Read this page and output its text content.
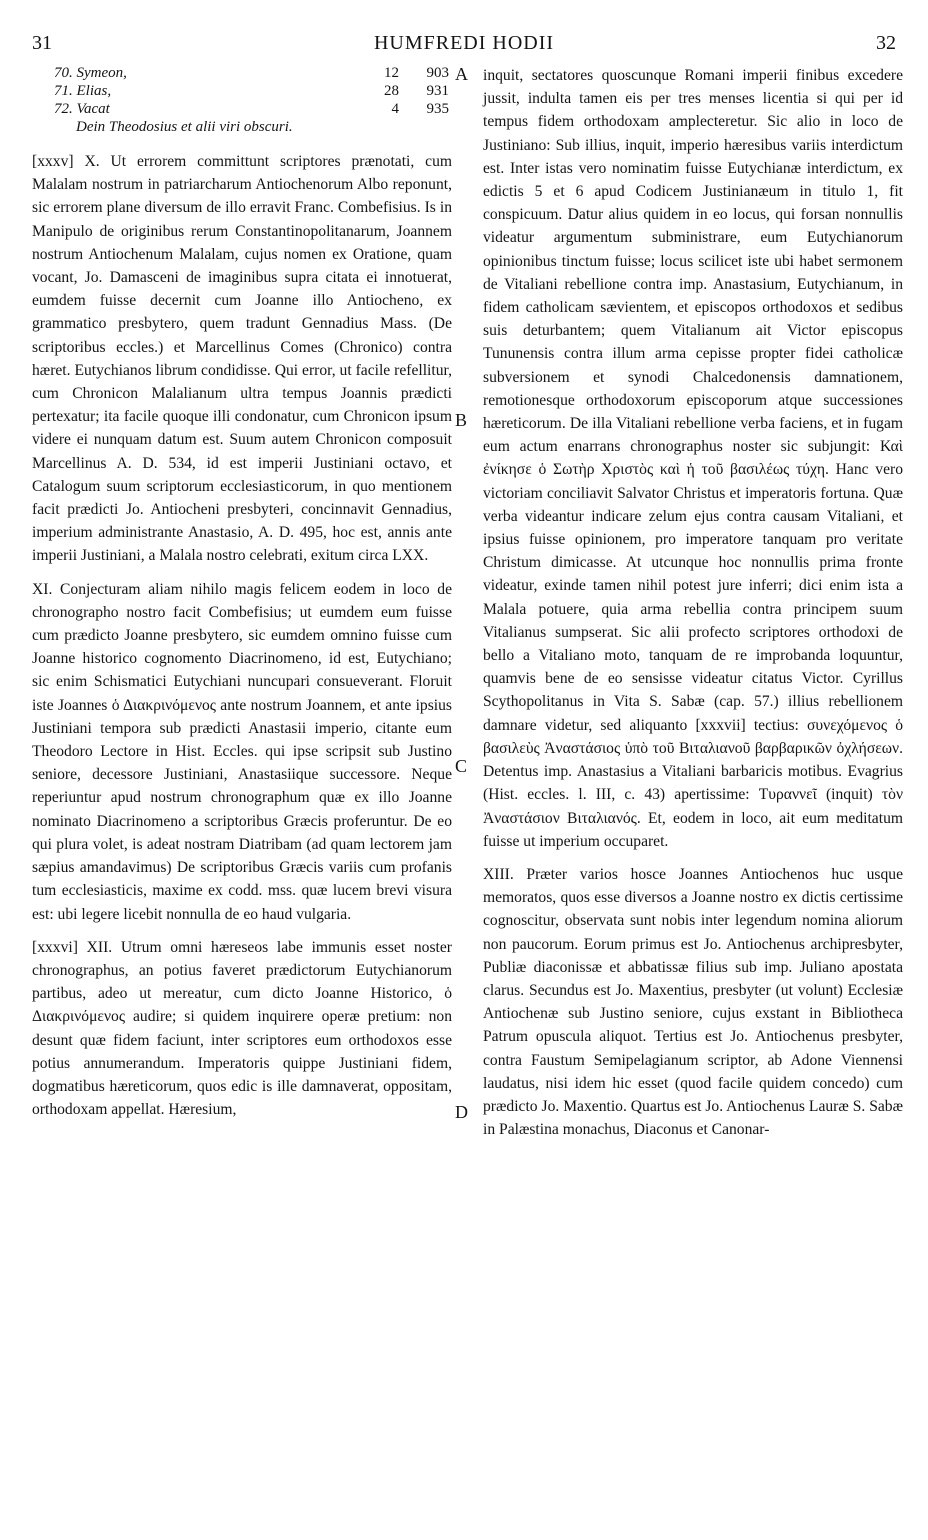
31	HUMFREDI HODII	32
70. Symeon,	12	903
71. Elias,	28	931
72. Vacat	4	935
Dein Theodosius et alii viri obscuri.

[xxxv] X. Ut errorem committunt scriptores prænotati, cum Malalam nostrum in patriarcharum Antiochenorum Albo reponunt, sic errorem plane diversum de illo erravit Franc. Combefisius. Is in Manipulo de originibus rerum Constantinopolitanarum, Joannem nostrum Antiochenum Malalam, cujus nomen ex Oratione, quam vocant, Jo. Damasceni de imaginibus supra citata ei innotuerat, eumdem fuisse decernit cum Joanne illo Antiocheno, ex grammatico presbytero, quem tradunt Gennadius Mass. (De scriptoribus eccles.) et Marcellinus Comes (Chronico) contra hæret. Eutychianos librum condidisse. Qui error, ut facile refellitur, cum Chronicon Malalianum ultra tempus Joannis prædicti pertexatur; ita facile quoque illi condonatur, cum Chronicon ipsum videre ei nunquam datum est. Suum autem Chronicon composuit Marcellinus A. D. 534, id est imperii Justiniani octavo, et Catalogum suum scriptorum ecclesiasticorum, in quo mentionem facit prædicti Jo. Antiocheni presbyteri, concinnavit Gennadius, imperium administrante Anastasio, A. D. 495, hoc est, annis ante imperii Justiniani, a Malala nostro celebrati, exitum circa LXX.

XI. Conjecturam aliam nihilo magis felicem eodem in loco de chronographo nostro facit Combefisius; ut eumdem eum fuisse cum prædicto Joanne presbytero, sic eumdem omnino fuisse cum Joanne historico cognomento Diacrinomeno, id est, Eutychiano; sic enim Schismatici Eutychiani nuncupari consueverant. Floruit iste Joannes ὁ Διακρινόμενος ante nostrum Joannem, et ante ipsius Justiniani tempora sub prædicti Anastasii imperio, citante eum Theodoro Lectore in Hist. Eccles. qui ipse scripsit sub Justino seniore, decessore Justiniani, Anastasiique successore. Neque reperiuntur apud nostrum chronographum quæ ex illo Joanne nominato Diacrinomeno a scriptoribus Græcis proferuntur. De eo qui plura volet, is adeat nostram Diatribam (ad quam lectorem jam sæpius amandavimus) De scriptoribus Græcis variis cum profanis tum ecclesiasticis, maxime ex codd. mss. quæ lucem brevi visura est: ubi legere licebit nonnulla de eo haud vulgaria.

[xxxvi] XII. Utrum omni hæreseos labe immunis esset noster chronographus, an potius faveret prædictorum Eutychianorum partibus, adeo ut mereatur, cum dicto Joanne Historico, ὁ Διακρινόμενος audire; si quidem inquirere operæ pretium: non desunt quæ fidem faciunt, inter scriptores eum orthodoxos esse potius annumerandum. Imperatoris quippe Justiniani fidem, dogmatibus hæreticorum, quos edic is ille damnaverat, oppositam, orthodoxam appellat. Hæresium,

inquit, sectatores quoscunque Romani imperii finibus excedere jussit, indulta tamen eis per tres menses licentia si qui per id tempus fidem orthodoxam amplecteretur. Sic alio in loco de Justiniano: Sub illius, inquit, imperio hæresibus variis interdictum est. Inter istas vero nominatim fuisse Eutychianæ interdictum, ex edictis 5 et 6 apud Codicem Justinianæum in titulo 1, fit conspicuum. Datur alius quidem in eo locus, qui forsan nonnullis videatur argumentum subministrare, eum Eutychianorum opinionibus tinctum fuisse; locus scilicet iste ubi habet sermonem de Vitaliani rebellione contra imp. Anastasium, Eutychianum, in fidem catholicam sævientem, et episcopos orthodoxos et sedibus suis deturbantem; quem Vitalianum ait Victor episcopus Tununensis contra illum arma cepisse propter fidei catholicæ subversionem et synodi Chalcedonensis damnationem, remotionesque orthodoxorum episcoporum atque successiones hæreticorum. De illa Vitaliani rebellione verba faciens, et in fugam eum actum enarrans chronographus noster sic subjungit: Καὶ ἐνίκησε ὁ Σωτὴρ Χριστὸς καὶ ἡ τοῦ βασιλέως τύχη. Hanc vero victoriam conciliavit Salvator Christus et imperatoris fortuna. Quæ verba videantur indicare zelum ejus contra causam Vitaliani, et ipsius fuisse opinionem, pro imperatore tanquam pro veritate Christum dimicasse. At utcunque hoc nonnullis prima fronte videatur, exinde tamen nihil potest jure inferri; dici enim ista a Malala potuere, quia arma rebellia contra principem suum Vitalianus sumpserat. Sic alii profecto scriptores orthodoxi de bello a Vitaliano moto, tanquam de re improbanda loquuntur, quamvis bene de eo sensisse videatur citatus Victor. Cyrillus Scythopolitanus in Vita S. Sabæ (cap. 57.) illius rebellionem damnare videtur, sed aliquanto [xxxvii] tectius: συνεχόμενος ὁ βασιλεὺς Ἀναστάσιος ὑπὸ τοῦ Βιταλιανοῦ βαρβαρικῶν ὀχλήσεων. Detentus imp. Anastasius a Vitaliani barbaricis motibus. Evagrius (Hist. eccles. l. III, c. 43) apertissime: Τυραννεῖ (inquit) τὸν Ἀναστάσιον Βιταλιανός. Et, eodem in loco, ait eum meditatum fuisse ut imperium occuparet.

XIII. Præter varios hosce Joannes Antiochenos huc usque memoratos, quos esse diversos a Joanne nostro ex dictis certissime cognoscitur, observata sunt nobis inter legendum nomina aliorum non paucorum. Eorum primus est Jo. Antiochenus archipresbyter, Publiæ diaconissæ et abbatissæ filius sub imp. Juliano apostata clarus. Secundus est Jo. Maxentius, presbyter (ut volunt) Ecclesiæ Antiochenæ sub Justino seniore, cujus exstant in Bibliotheca Patrum opuscula aliquot. Tertius est Jo. Antiochenus presbyter, contra Faustum Semipelagianum scriptor, ab Adone Viennensi laudatus, nisi idem hic esset (quod facile quidem concedo) cum prædicto Jo. Maxentio. Quartus est Jo. Antiochenus Lauræ S. Sabæ in Palæstina monachus, Diaconus et Canonar-

A
B
C
D
